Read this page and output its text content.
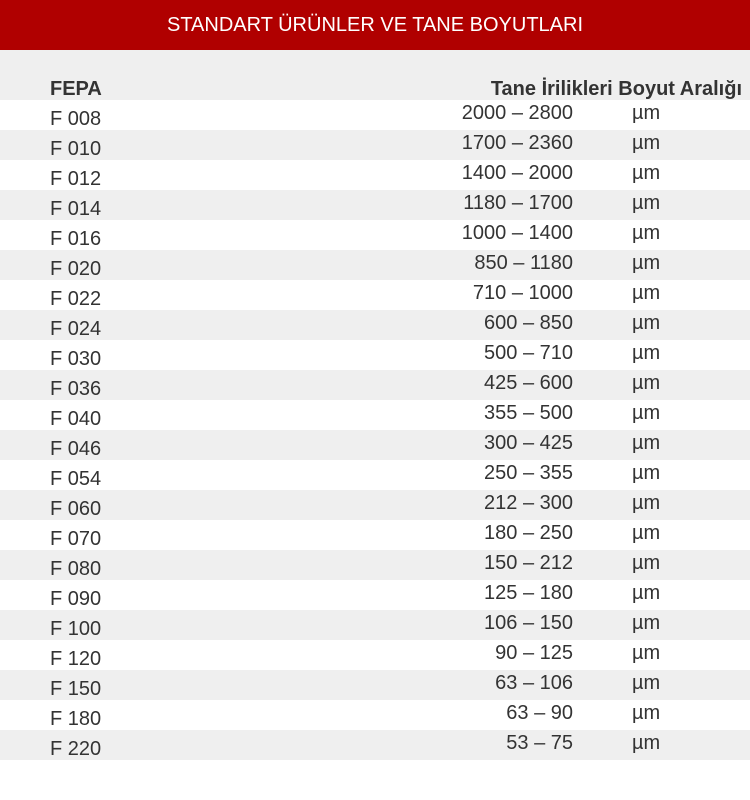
STANDART ÜRÜNLER VE TANE BOYUTLARI
FEPA	Tane İrilikleri Boyut Aralığı
F 008	2000 – 2800	µm
F 010	1700 – 2360	µm
F 012	1400 – 2000	µm
F 014	1180 – 1700	µm
F 016	1000 – 1400	µm
F 020	850 – 1180	µm
F 022	710 – 1000	µm
F 024	600 – 850	µm
F 030	500 – 710	µm
F 036	425 – 600	µm
F 040	355 – 500	µm
F 046	300 – 425	µm
F 054	250 – 355	µm
F 060	212 – 300	µm
F 070	180 – 250	µm
F 080	150 – 212	µm
F 090	125 – 180	µm
F 100	106 – 150	µm
F 120	90 – 125	µm
F 150	63 – 106	µm
F 180	63 – 90	µm
F 220	53 – 75	µm
